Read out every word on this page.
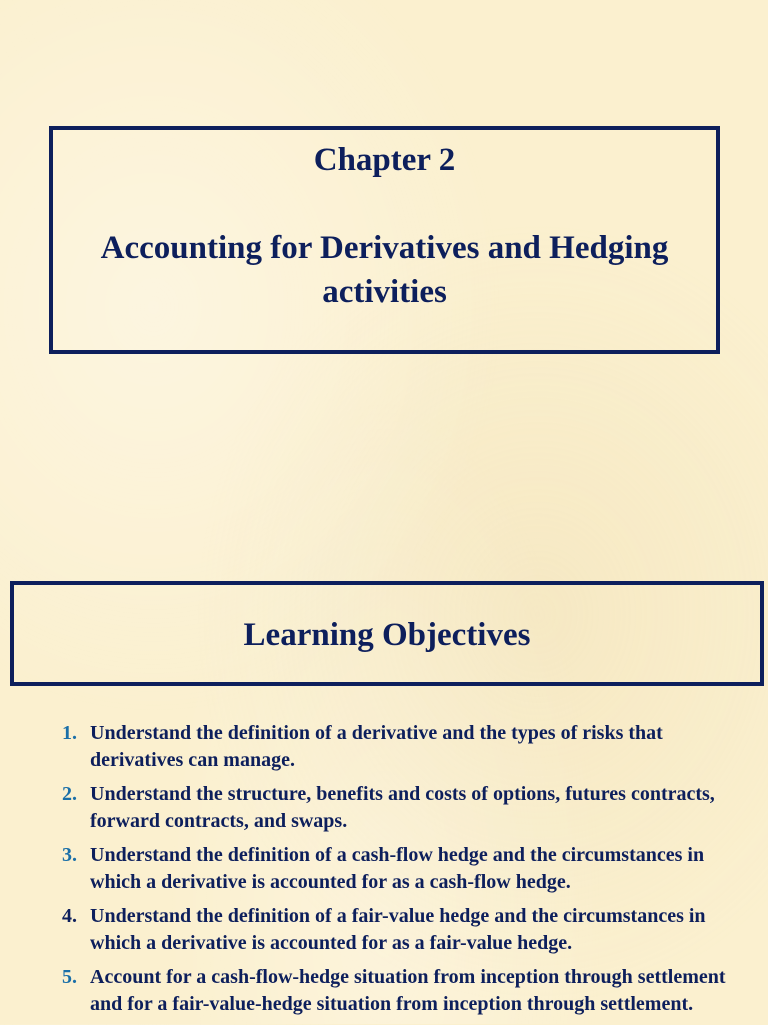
Chapter 2
Accounting for Derivatives and Hedging activities
Learning Objectives
1. Understand the definition of a derivative and the types of risks that derivatives can manage.
2. Understand the structure, benefits and costs of options, futures contracts, forward contracts, and swaps.
3. Understand the definition of a cash-flow hedge and the circumstances in which a derivative is accounted for as a cash-flow hedge.
4. Understand the definition of a fair-value hedge and the circumstances in which a derivative is accounted for as a fair-value hedge.
5. Account for a cash-flow-hedge situation from inception through settlement and for a fair-value-hedge situation from inception through settlement.
